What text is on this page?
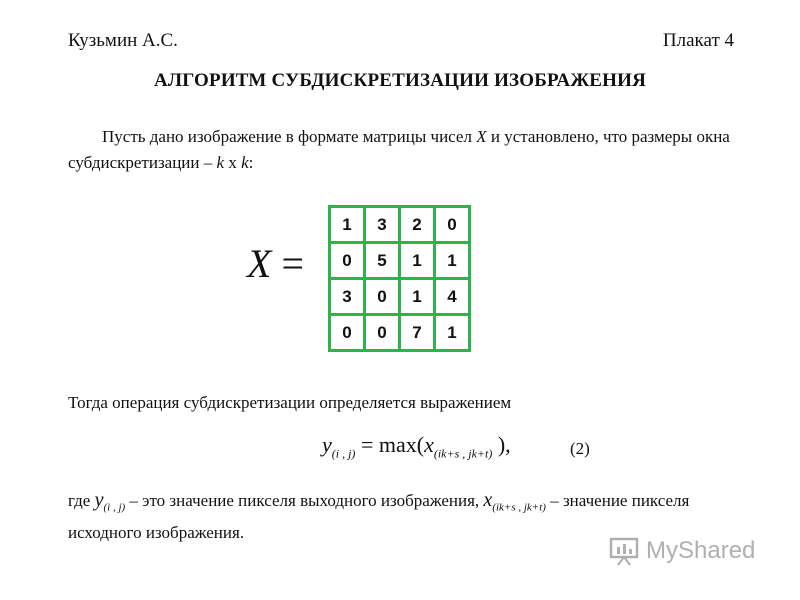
Кузьмин А.С.	Плакат 4
АЛГОРИТМ СУБДИСКРЕТИЗАЦИИ ИЗОБРАЖЕНИЯ
Пусть дано изображение в формате матрицы чисел X и установлено, что размеры окна субдискретизации – k x k:
X =
1	3	2	0
0	5	1	1
3	0	1	4
0	0	7	1
Тогда операция субдискретизации определяется выражением
$y_{(i , j)} = \max(x_{(ik+s , jk+t)}$ ),	(2)
где $y_{(i , j)}$ – это значение пикселя выходного изображения, $x_{(ik+s , jk+t)}$ – значение пикселя исходного изображения.
MyShared
